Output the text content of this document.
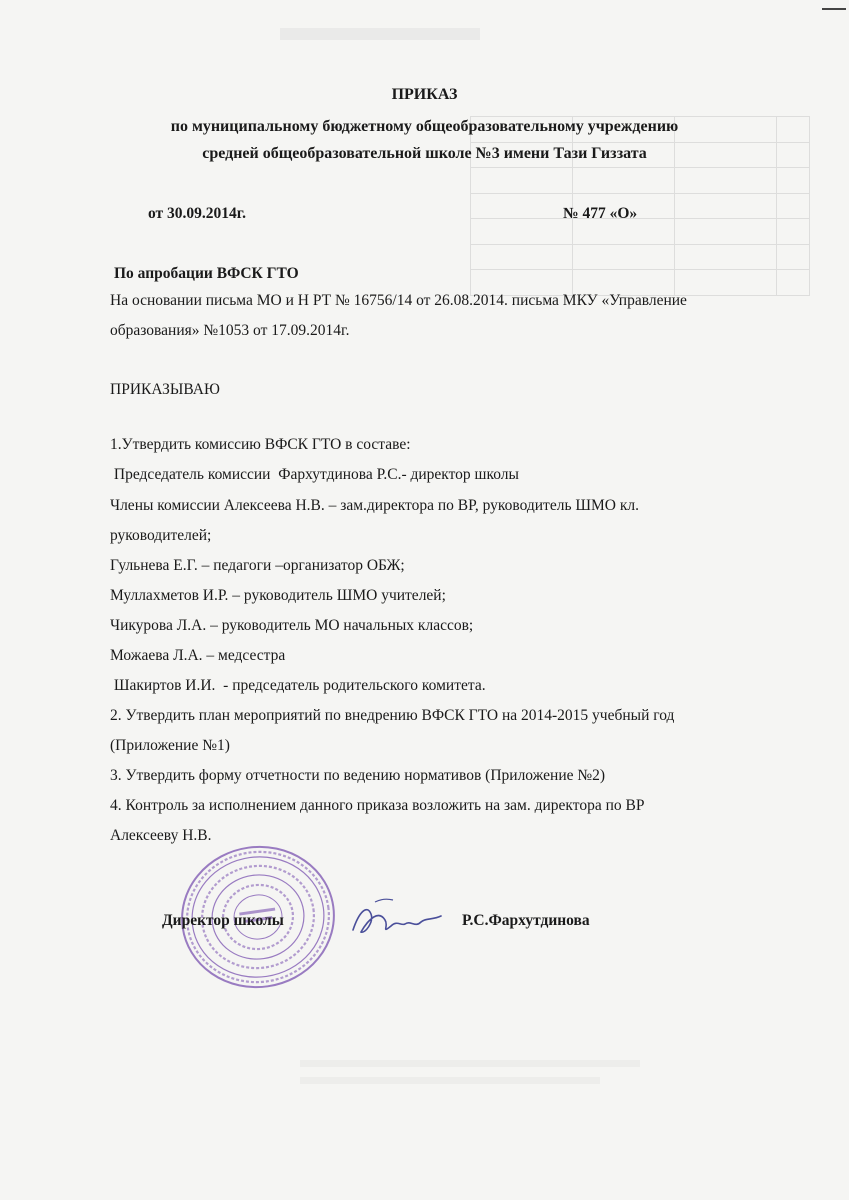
ПРИКАЗ

по муниципальному бюджетному общеобразовательному учреждению

средней общеобразовательной школе №3 имени Тази Гиззата

от 30.09.2014г.	№ 477 «О»

По апробации ВФСК ГТО

На основании письма МО и Н РТ № 16756/14 от 26.08.2014. письма МКУ «Управление

образования» №1053 от 17.09.2014г.

ПРИКАЗЫВАЮ

1.Утвердить комиссию ВФСК ГТО в составе:

Председатель комиссии  Фархутдинова Р.С.- директор школы

Члены комиссии Алексеева Н.В. – зам.директора по ВР, руководитель ШМО кл.

руководителей;

Гульнева Е.Г. – педагоги –организатор ОБЖ;

Муллахметов И.Р. – руководитель ШМО учителей;

Чикурова Л.А. – руководитель МО начальных классов;

Можаева Л.А. – медсестра

Шакиртов И.И.  - председатель родительского комитета.

2. Утвердить план мероприятий по внедрению ВФСК ГТО на 2014-2015 учебный год

(Приложение №1)

3. Утвердить форму отчетности по ведению нормативов (Приложение №2)

4. Контроль за исполнением данного приказа возложить на зам. директора по ВР

Алексееву Н.В.

Директор школы	Р.С.Фархутдинова
